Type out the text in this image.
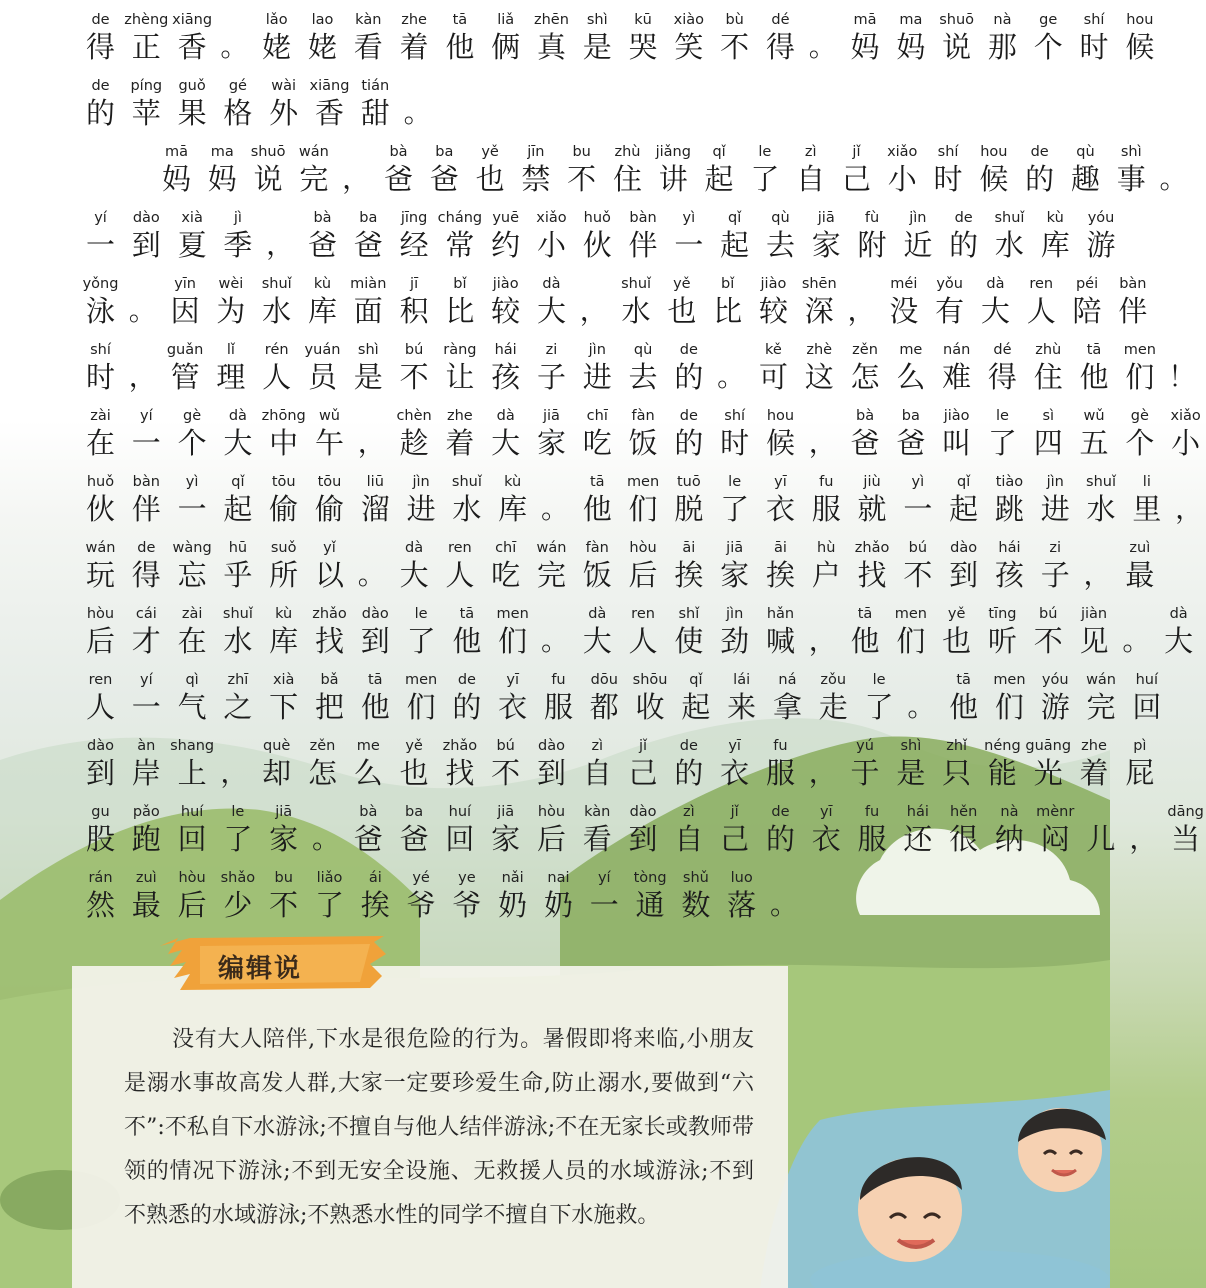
de
得
zhèng
正
xiāng
香 。
lǎo
姥
lao
姥
kàn
看
zhe
着
tā
他
liǎ
俩
zhēn
真
shì
是
kū
哭
xiào
笑
bù
不
dé
得 。
mā
妈
ma
妈
shuō
说
nà
那
ge
个
shí
时
hou
候
de
的
píng
苹
guǒ
果
gé
格
wài
外
xiāng
香
tián
甜 。
mā
妈
ma
妈
shuō
说
wán
完 ，
bà
爸
ba
爸
yě
也
jīn
禁
bu
不
zhù
住
jiǎng
讲
qǐ
起
le
了
zì
自
jǐ
己
xiǎo
小
shí
时
hou
候
de
的
qù
趣
shì
事 。
yí
一
dào
到
xià
夏
jì
季 ，
bà
爸
ba
爸
jīng
经
cháng
常
yuē
约
xiǎo
小
huǒ
伙
bàn
伴
yì
一
qǐ
起
qù
去
jiā
家
fù
附
jìn
近
de
的
shuǐ
水
kù
库
yóu
游
yǒng
泳 。
yīn
因
wèi
为
shuǐ
水
kù
库
miàn
面
jī
积
bǐ
比
jiào
较
dà
大 ，
shuǐ
水
yě
也
bǐ
比
jiào
较
shēn
深 ，
méi
没
yǒu
有
dà
大
ren
人
péi
陪
bàn
伴
shí
时 ，
guǎn
管
lǐ
理
rén
人
yuán
员
shì
是
bú
不
ràng
让
hái
孩
zi
子
jìn
进
qù
去
de
的 。
kě
可
zhè
这
zěn
怎
me
么
nán
难
dé
得
zhù
住
tā
他
men
们 ！
zài
在
yí
一
gè
个
dà
大
zhōng
中
wǔ
午 ，
chèn
趁
zhe
着
dà
大
jiā
家
chī
吃
fàn
饭
de
的
shí
时
hou
候 ，
bà
爸
ba
爸
jiào
叫
le
了
sì
四
wǔ
五
gè
个
xiǎo
小
huǒ
伙
bàn
伴
yì
一
qǐ
起
tōu
偷
tōu
偷
liū
溜
jìn
进
shuǐ
水
kù
库 。
tā
他
men
们
tuō
脱
le
了
yī
衣
fu
服
jiù
就
yì
一
qǐ
起
tiào
跳
jìn
进
shuǐ
水
li
里 ，
wán
玩
de
得
wàng
忘
hū
乎
suǒ
所
yǐ
以 。
dà
大
ren
人
chī
吃
wán
完
fàn
饭
hòu
后
āi
挨
jiā
家
āi
挨
hù
户
zhǎo
找
bú
不
dào
到
hái
孩
zi
子 ，
zuì
最
hòu
后
cái
才
zài
在
shuǐ
水
kù
库
zhǎo
找
dào
到
le
了
tā
他
men
们 。
dà
大
ren
人
shǐ
使
jìn
劲
hǎn
喊 ，
tā
他
men
们
yě
也
tīng
听
bú
不
jiàn
见 。
dà
大
ren
人
yí
一
qì
气
zhī
之
xià
下
bǎ
把
tā
他
men
们
de
的
yī
衣
fu
服
dōu
都
shōu
收
qǐ
起
lái
来
ná
拿
zǒu
走
le
了 。
tā
他
men
们
yóu
游
wán
完
huí
回
dào
到
àn
岸
shang
上 ，
què
却
zěn
怎
me
么
yě
也
zhǎo
找
bú
不
dào
到
zì
自
jǐ
己
de
的
yī
衣
fu
服 ，
yú
于
shì
是
zhǐ
只
néng
能
guāng
光
zhe
着
pì
屁
gu
股
pǎo
跑
huí
回
le
了
jiā
家 。
bà
爸
ba
爸
huí
回
jiā
家
hòu
后
kàn
看
dào
到
zì
自
jǐ
己
de
的
yī
衣
fu
服
hái
还
hěn
很
nà
纳
mènr
闷 儿 ，
dāng
当
rán
然
zuì
最
hòu
后
shǎo
少
bu
不
liǎo
了
ái
挨
yé
爷
ye
爷
nǎi
奶
nai
奶
yí
一
tòng
通
shǔ
数
luo
落 。
编辑说

没有大人陪伴,下水是很危险的行为。暑假即将来临,小朋友是溺水事故高发人群,大家一定要珍爱生命,防止溺水,要做到“六不”:不私自下水游泳;不擅自与他人结伴游泳;不在无家长或教师带领的情况下游泳;不到无安全设施、无救援人员的水域游泳;不到不熟悉的水域游泳;不熟悉水性的同学不擅自下水施救。
